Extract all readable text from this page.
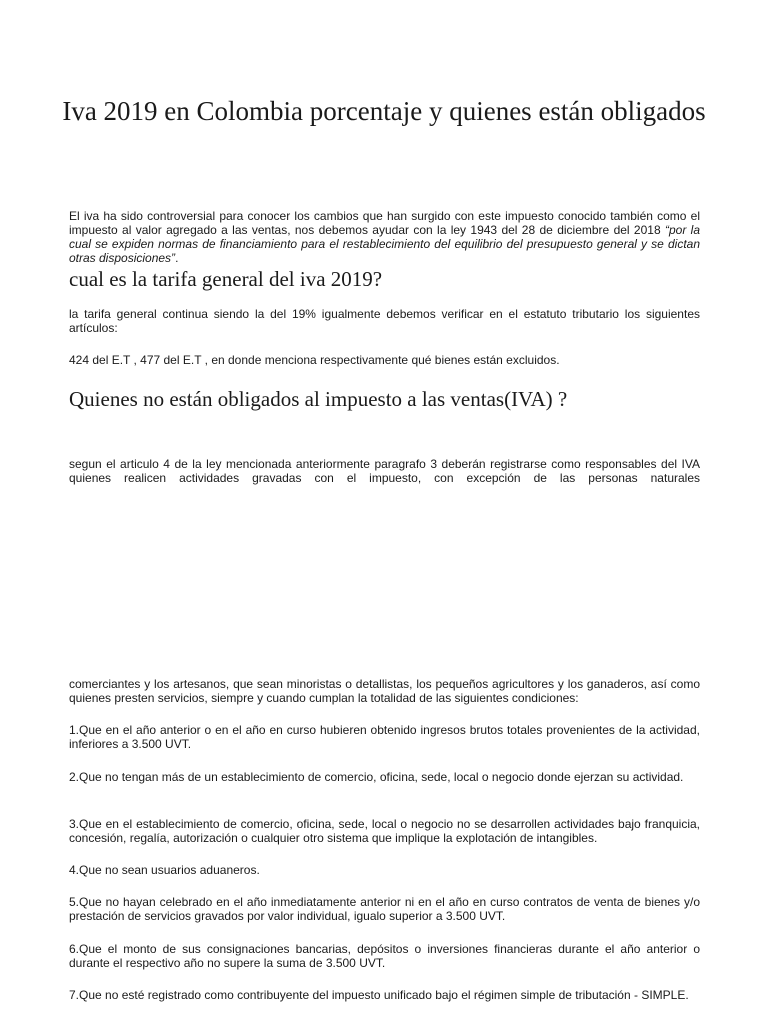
Iva 2019 en Colombia porcentaje y quienes están obligados

El iva ha sido controversial para conocer los cambios que han surgido con este impuesto conocido también como el impuesto al valor agregado a las ventas, nos debemos ayudar con la ley 1943 del 28 de diciembre del 2018 “por la cual se expiden normas de financiamiento para el restablecimiento del equilibrio del presupuesto general y se dictan otras disposiciones”.

cual es la tarifa general del iva 2019?

la tarifa general continua siendo la del 19% igualmente debemos verificar en el estatuto tributario los siguientes artículos:

424 del E.T , 477 del E.T , en donde menciona respectivamente qué bienes están excluidos.

Quienes no están obligados al impuesto a las ventas(IVA) ?

segun el articulo 4 de la ley mencionada anteriormente paragrafo 3 deberán registrarse como responsables del IVA quienes realicen actividades gravadas con el impuesto, con excepción de las personas naturales

comerciantes y los artesanos, que sean minoristas o detallistas, los pequeños agricultores y los ganaderos, así como quienes presten servicios, siempre y cuando cumplan la totalidad de las siguientes condiciones:

1.Que en el año anterior o en el año en curso hubieren obtenido ingresos brutos totales provenientes de la actividad, inferiores a 3.500 UVT.

2.Que no tengan más de un establecimiento de comercio, oficina, sede, local o negocio donde ejerzan su actividad.

3.Que en el establecimiento de comercio, oficina, sede, local o negocio no se desarrollen actividades bajo franquicia, concesión, regalía, autorización o cualquier otro sistema que implique la explotación de intangibles.

4.Que no sean usuarios aduaneros.

5.Que no hayan celebrado en el año inmediatamente anterior ni en el año en curso contratos de venta de bienes y/o prestación de servicios gravados por valor individual, igualo superior a 3.500 UVT.

6.Que el monto de sus consignaciones bancarias, depósitos o inversiones financieras durante el año anterior o durante el respectivo año no supere la suma de 3.500 UVT.

7.Que no esté registrado como contribuyente del impuesto unificado bajo el régimen simple de tributación - SIMPLE.
